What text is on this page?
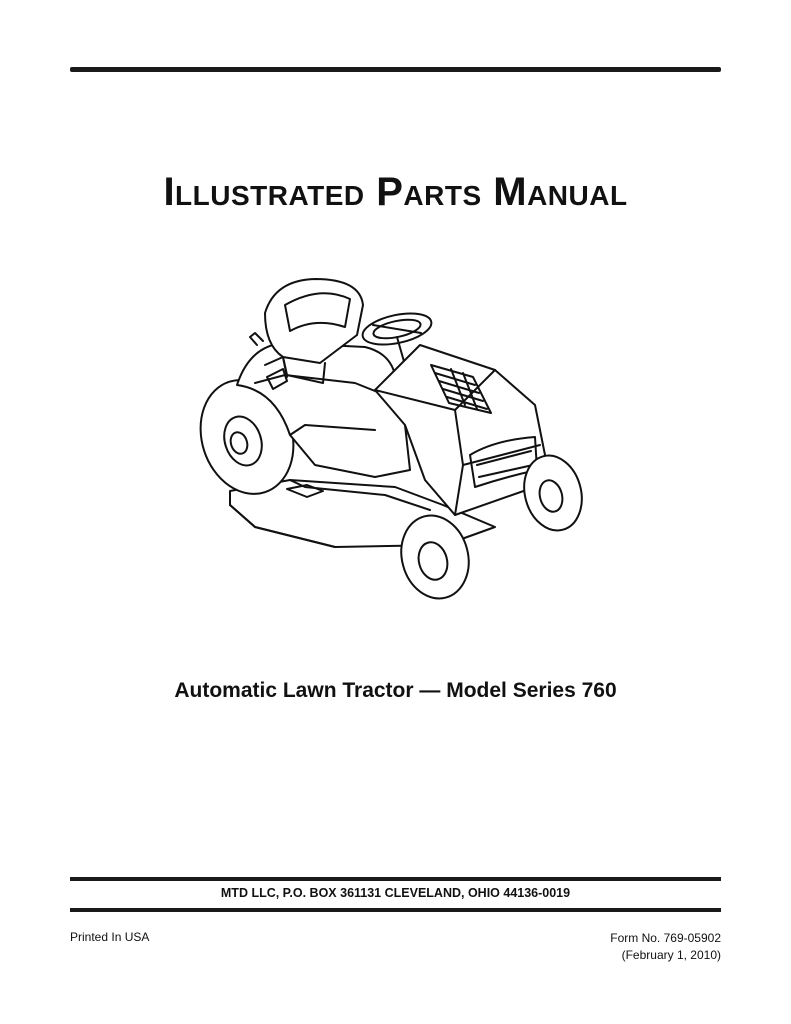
Illustrated Parts Manual
Automatic Lawn Tractor — Model Series 760
MTD LLC, P.O. BOX 361131 CLEVELAND, OHIO 44136-0019
Printed In USA	Form No. 769-05902
(February 1, 2010)
